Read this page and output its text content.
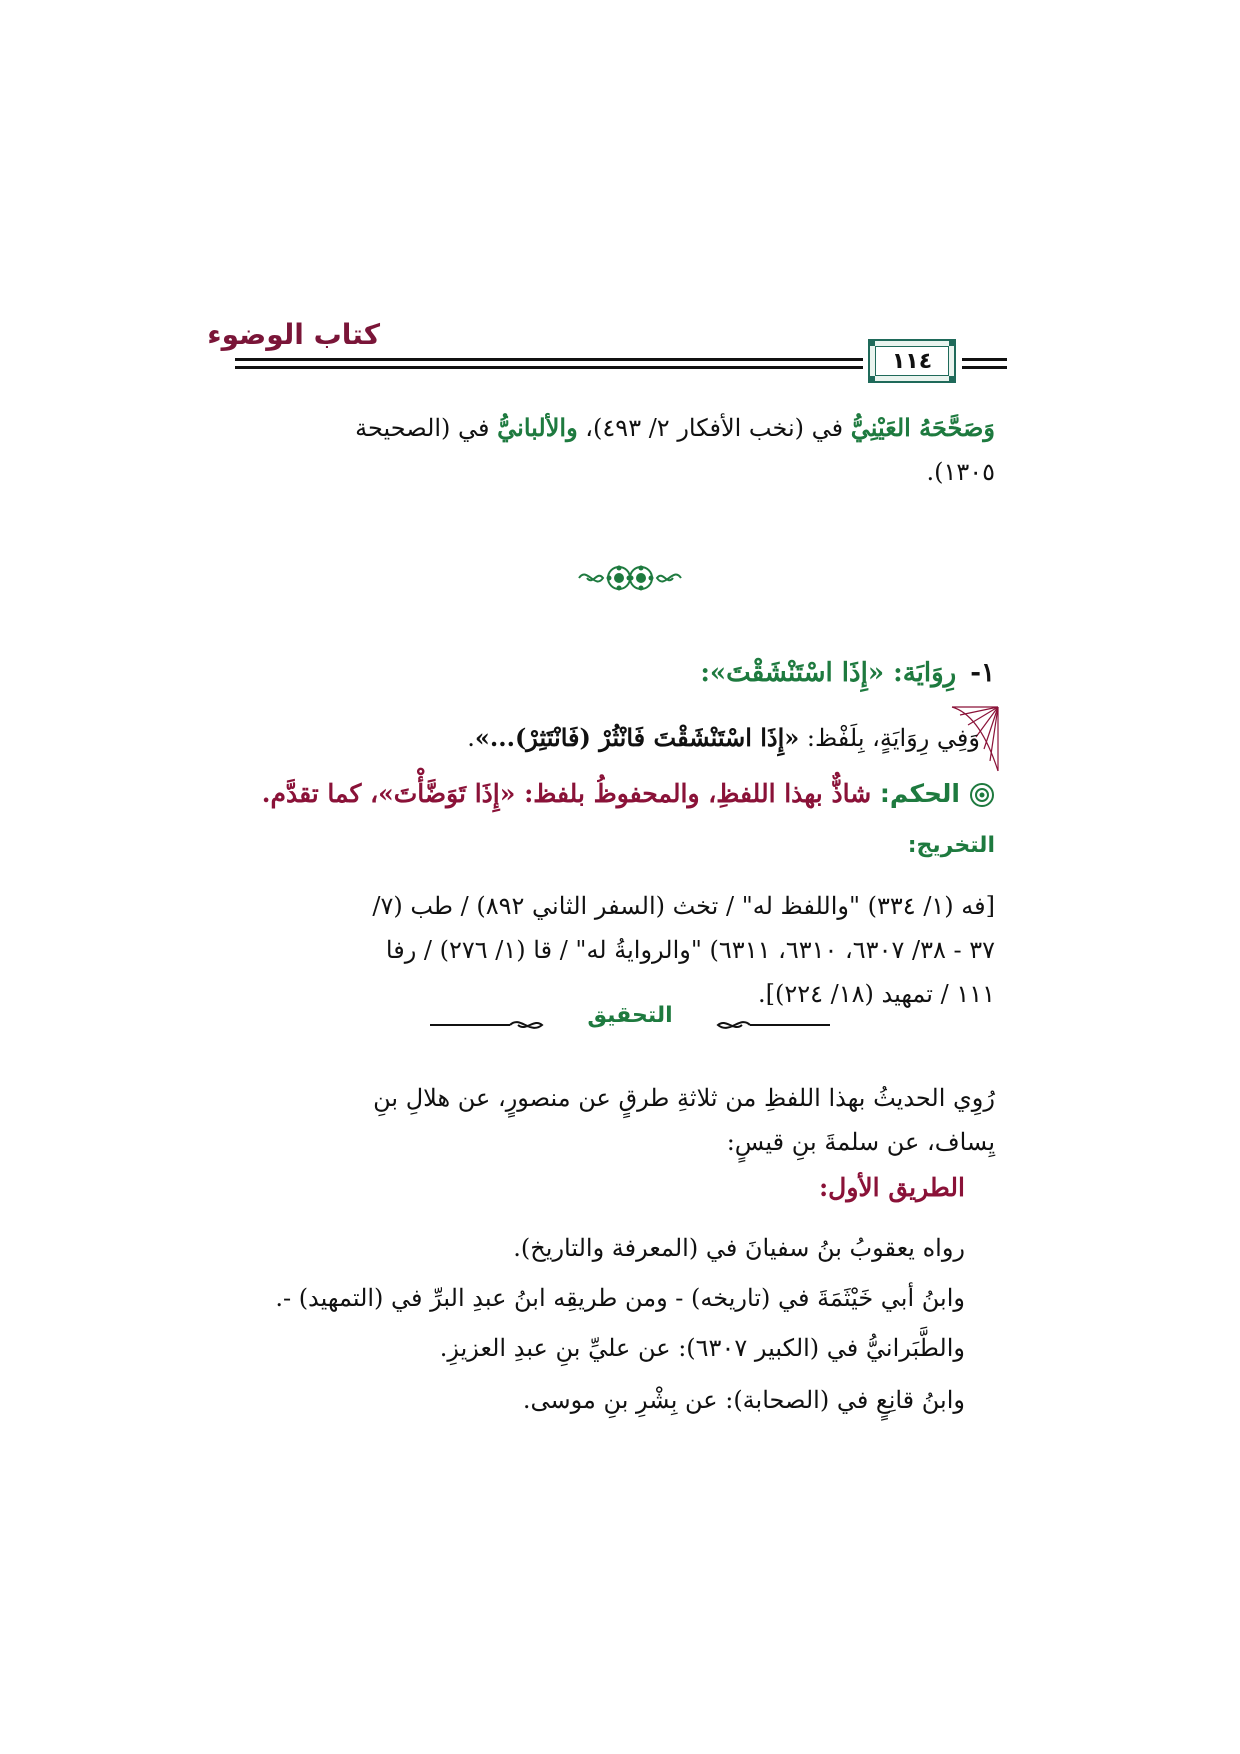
كتاب الوضوء
١١٤
وَصَحَّحَهُ العَيْنِيُّ في (نخب الأفكار ٢/ ٤٩٣)، والألبانيُّ في (الصحيحة
١٣٠٥).
١-رِوَايَة: «إِذَا اسْتَنْشَقْتَ»:
وَفِي رِوَايَةٍ، بِلَفْظ: «إِذَا اسْتَنْشَقْتَ فَانْثُرْ (فَانْتَثِرْ)...».
الحكم: شاذٌّ بهذا اللفظِ، والمحفوظُ بلفظ: «إِذَا تَوَضَّأْتَ»، كما تقدَّم.
التخريج:
[فه (١/ ٣٣٤) "واللفظ له" / تخث (السفر الثاني ٨٩٢) / طب (٧/
٣٧ - ٣٨/ ٦٣٠٧، ٦٣١٠، ٦٣١١) "والروايةُ له" / قا (١/ ٢٧٦) / رفا
١١١ / تمهيد (١٨/ ٢٢٤)].
التحقيق
رُوِي الحديثُ بهذا اللفظِ من ثلاثةِ طرقٍ عن منصورٍ، عن هلالِ بنِ
يِساف، عن سلمةَ بنِ قيسٍ:
الطريق الأول:
رواه يعقوبُ بنُ سفيانَ في (المعرفة والتاريخ).
وابنُ أبي خَيْثَمَةَ في (تاريخه) - ومن طريقِه ابنُ عبدِ البرِّ في (التمهيد) -.
والطَّبَرانيُّ في (الكبير ٦٣٠٧): عن عليِّ بنِ عبدِ العزيزِ.
وابنُ قانِعٍ في (الصحابة): عن بِشْرِ بنِ موسى.
